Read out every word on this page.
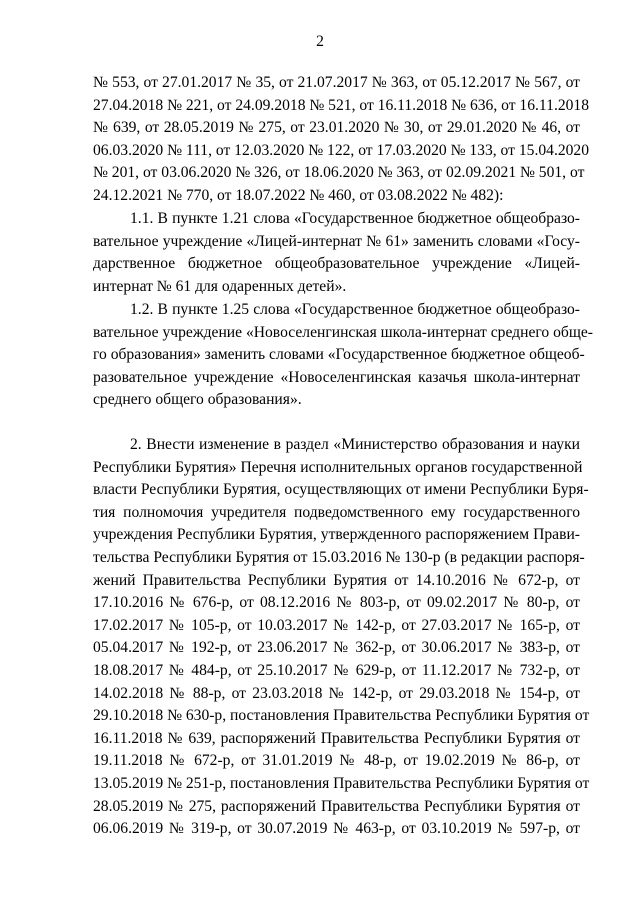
2
№ 553, от 27.01.2017 № 35, от 21.07.2017 № 363, от 05.12.2017 № 567, от
27.04.2018 № 221, от 24.09.2018 № 521, от 16.11.2018 № 636, от 16.11.2018
№ 639, от 28.05.2019 № 275, от 23.01.2020 № 30, от 29.01.2020 № 46, от
06.03.2020 № 111, от 12.03.2020 № 122, от 17.03.2020 № 133, от 15.04.2020
№ 201, от 03.06.2020 № 326, от 18.06.2020 № 363, от 02.09.2021 № 501, от
24.12.2021 № 770, от 18.07.2022 № 460, от 03.08.2022 № 482):
1.1. В пункте 1.21 слова «Государственное бюджетное общеобразо-
вательное учреждение «Лицей-интернат № 61» заменить словами «Госу-
дарственное бюджетное общеобразовательное учреждение «Лицей-
интернат № 61 для одаренных детей».
1.2. В пункте 1.25 слова «Государственное бюджетное общеобразо-
вательное учреждение «Новоселенгинская школа-интернат среднего обще-
го образования» заменить словами «Государственное бюджетное общеоб-
разовательное учреждение «Новоселенгинская казачья школа-интернат
среднего общего образования».
2. Внести изменение в раздел «Министерство образования и науки
Республики Бурятия» Перечня исполнительных органов государственной
власти Республики Бурятия, осуществляющих от имени Республики Буря-
тия полномочия учредителя подведомственного ему государственного
учреждения Республики Бурятия, утвержденного распоряжением Прави-
тельства Республики Бурятия от 15.03.2016 № 130-р (в редакции распоря-
жений Правительства Республики Бурятия от 14.10.2016 № 672-р, от
17.10.2016 № 676-р, от 08.12.2016 № 803-р, от 09.02.2017 № 80-р, от
17.02.2017 № 105-р, от 10.03.2017 № 142-р, от 27.03.2017 № 165-р, от
05.04.2017 № 192-р, от 23.06.2017 № 362-р, от 30.06.2017 № 383-р, от
18.08.2017 № 484-р, от 25.10.2017 № 629-р, от 11.12.2017 № 732-р, от
14.02.2018 № 88-р, от 23.03.2018 № 142-р, от 29.03.2018 № 154-р, от
29.10.2018 № 630-р, постановления Правительства Республики Бурятия от
16.11.2018 № 639, распоряжений Правительства Республики Бурятия от
19.11.2018 № 672-р, от 31.01.2019 № 48-р, от 19.02.2019 № 86-р, от
13.05.2019 № 251-р, постановления Правительства Республики Бурятия от
28.05.2019 № 275, распоряжений Правительства Республики Бурятия от
06.06.2019 № 319-р, от 30.07.2019 № 463-р, от 03.10.2019 № 597-р, от
